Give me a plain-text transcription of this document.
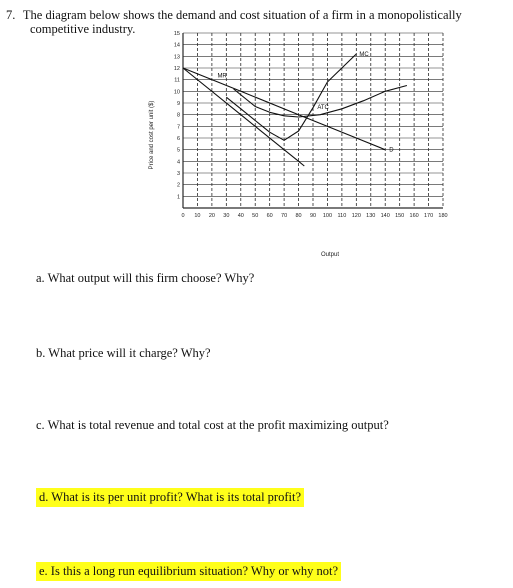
7. The diagram below shows the demand and cost situation of a firm in a monopolistically
competitive industry.
0 10 20 30 40 50 60 70 80 90 100 110 120 130 140 150 160 170 180
1
2
3
4
5
6
7
8
9
10
11
12
13
14
15
D
MR
MC
ATC
Output
Price and cost per unit ($)
a. What output will this firm choose? Why?
b. What price will it charge? Why?
c. What is total revenue and total cost at the profit maximizing output?
d. What is its per unit profit? What is its total profit?
e. Is this a long run equilibrium situation? Why or why not?
